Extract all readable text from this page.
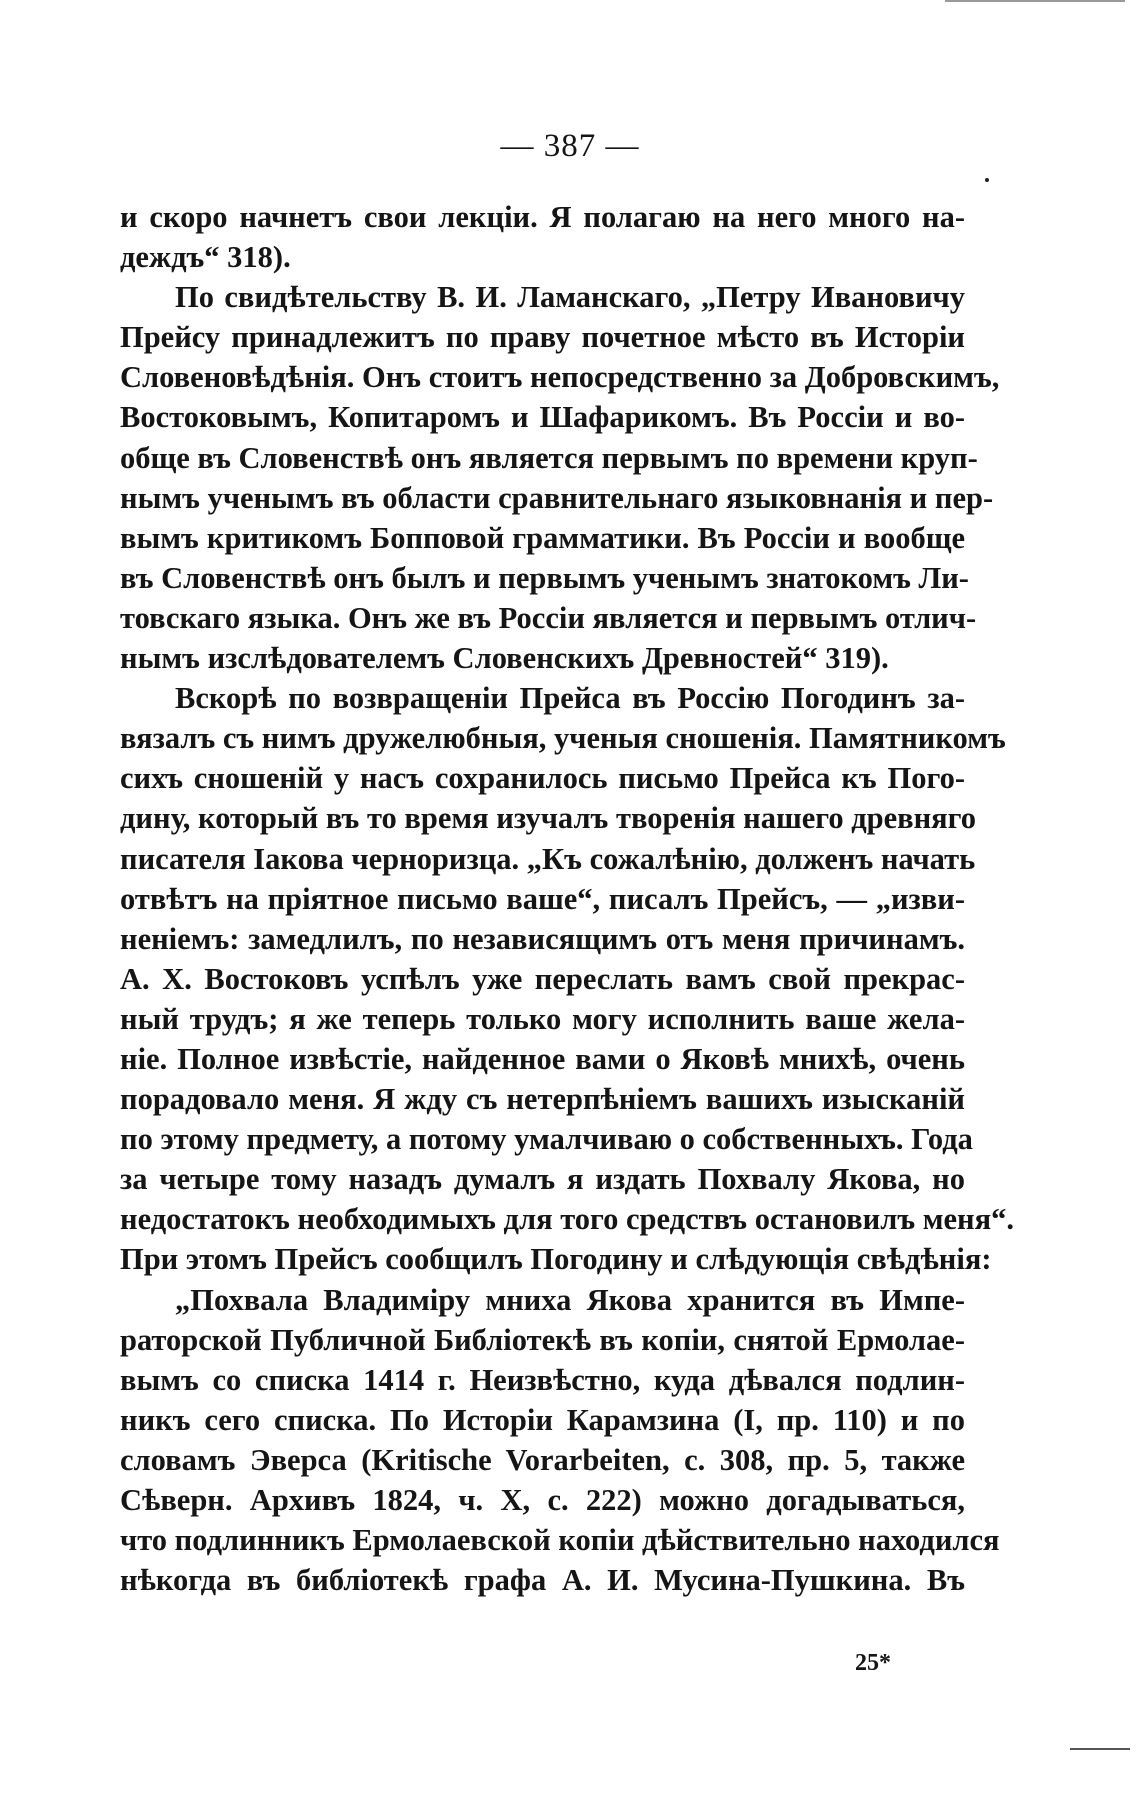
— 387 —
и скоро начнетъ свои лекціи. Я полагаю на него много на-
деждъ“ 318).
По свидѣтельству В. И. Ламанскаго, „Петру Ивановичу
Прейсу принадлежитъ по праву почетное мѣсто въ Исторіи
Словеновѣдѣнія. Онъ стоитъ непосредственно за Добровскимъ,
Востоковымъ, Копитаромъ и Шафарикомъ. Въ Россіи и во-
обще въ Словенствѣ онъ является первымъ по времени круп-
нымъ ученымъ въ области сравнительнаго языковнанія и пер-
вымъ критикомъ Бопповой грамматики. Въ Россіи и вообще
въ Словенствѣ онъ былъ и первымъ ученымъ знатокомъ Ли-
товскаго языка. Онъ же въ Россіи является и первымъ отлич-
нымъ изслѣдователемъ Словенскихъ Древностей“ 319).
Вскорѣ по возвращеніи Прейса въ Россію Погодинъ за-
вязалъ съ нимъ дружелюбныя, ученыя сношенія. Памятникомъ
сихъ сношеній у насъ сохранилось письмо Прейса къ Пого-
дину, который въ то время изучалъ творенія нашего древняго
писателя Іакова черноризца. „Къ сожалѣнію, долженъ начать
отвѣтъ на пріятное письмо ваше“, писалъ Прейсъ, — „изви-
неніемъ: замедлилъ, по независящимъ отъ меня причинамъ.
А. Х. Востоковъ успѣлъ уже переслать вамъ свой прекрас-
ный трудъ; я же теперь только могу исполнить ваше жела-
ніе. Полное извѣстіе, найденное вами о Яковѣ мнихѣ, очень
порадовало меня. Я жду съ нетерпѣніемъ вашихъ изысканій
по этому предмету, а потому умалчиваю о собственныхъ. Года
за четыре тому назадъ думалъ я издать Похвалу Якова, но
недостатокъ необходимыхъ для того средствъ остановилъ меня“.
При этомъ Прейсъ сообщилъ Погодину и слѣдующія свѣдѣнія:
„Похвала Владиміру мниха Якова хранится въ Импе-
раторской Публичной Библіотекѣ въ копіи, снятой Ермолае-
вымъ со списка 1414 г. Неизвѣстно, куда дѣвался подлин-
никъ сего списка. По Исторіи Карамзина (I, пр. 110) и по
словамъ Эверса (Kritische Vorarbeiten, с. 308, пр. 5, также
Сѣверн. Архивъ 1824, ч. X, с. 222) можно догадываться,
что подлинникъ Ермолаевской копіи дѣйствительно находился
нѣкогда въ библіотекѣ графа А. И. Мусина-Пушкина. Въ
25*
